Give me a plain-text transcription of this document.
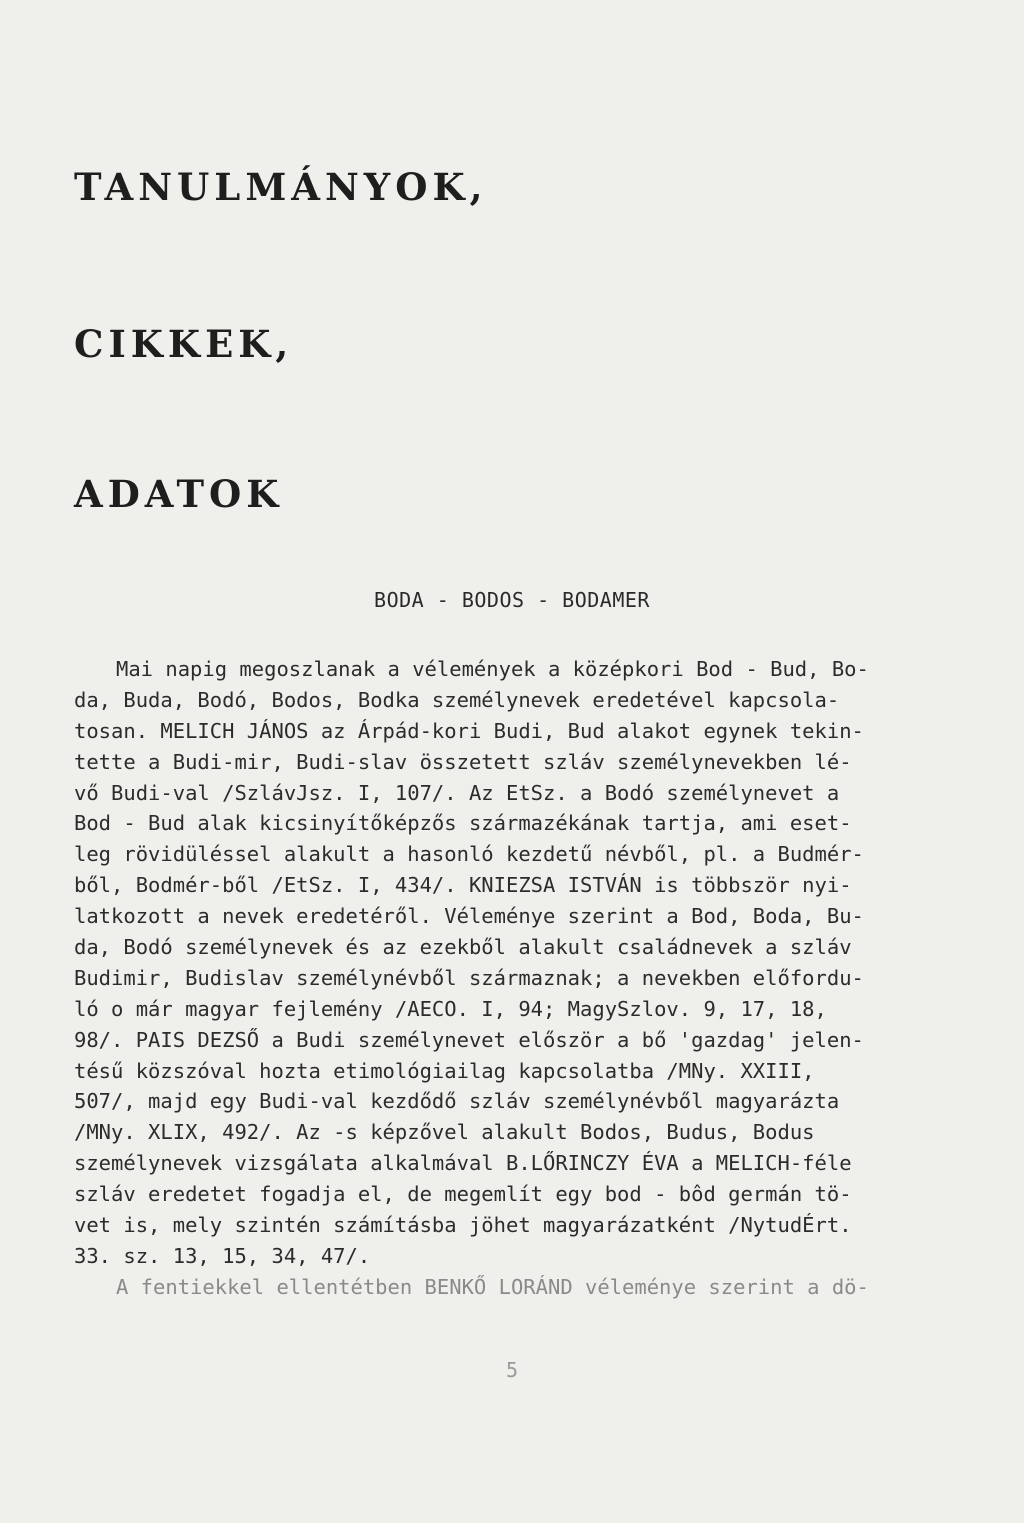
TANULMÁNYOK,
CIKKEK,
ADATOK
BODA - BODOS - BODAMER
Mai napig megoszlanak a vélemények a középkori Bod - Bud, Bo-
da, Buda, Bodó, Bodos, Bodka személynevek eredetével kapcsola-
tosan. MELICH JÁNOS az Árpád-kori Budi, Bud alakot egynek tekin-
tette a Budi-mir, Budi-slav összetett szláv személynevekben lé-
vő Budi-val /SzlávJsz. I, 107/. Az EtSz. a Bodó személynevet a
Bod - Bud alak kicsinyítőképzős származékának tartja, ami eset-
leg rövidüléssel alakult a hasonló kezdetű névből, pl. a Budmér-
ből, Bodmér-ből /EtSz. I, 434/. KNIEZSA ISTVÁN is többször nyi-
latkozott a nevek eredetéről. Véleménye szerint a Bod, Boda, Bu-
da, Bodó személynevek és az ezekből alakult családnevek a szláv
Budimir, Budislav személynévből származnak; a nevekben előfordu-
ló o már magyar fejlemény /AECO. I, 94; MagySzlov. 9, 17, 18,
98/. PAIS DEZSŐ a Budi személynevet először a bő 'gazdag' jelen-
tésű közszóval hozta etimológiailag kapcsolatba /MNy. XXIII,
507/, majd egy Budi-val kezdődő szláv személynévből magyarázta
/MNy. XLIX, 492/. Az -s képzővel alakult Bodos, Budus, Bodus
személynevek vizsgálata alkalmával B.LŐRINCZY ÉVA a MELICH-féle
szláv eredetet fogadja el, de megemlít egy bod - bôd germán tö-
vet is, mely szintén számításba jöhet magyarázatként /NytudÉrt.
33. sz. 13, 15, 34, 47/.
A fentiekkel ellentétben BENKŐ LORÁND véleménye szerint a dö-
5
